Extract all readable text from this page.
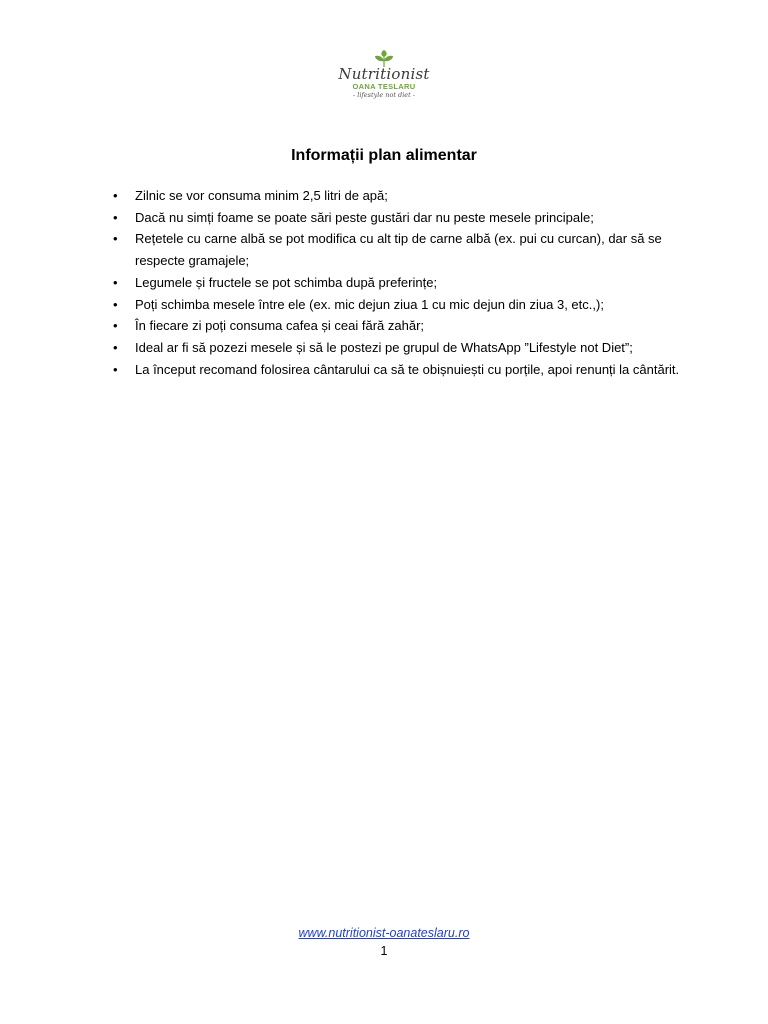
Nutritionist
OANA TESLARU
- lifestyle not diet -
Informații plan alimentar
• Zilnic se vor consuma minim 2,5 litri de apă;
• Dacă nu simți foame se poate sări peste gustări dar nu peste mesele principale;
• Rețetele cu carne albă se pot modifica cu alt tip de carne albă (ex. pui cu curcan), dar să se respecte gramajele;
• Legumele și fructele se pot schimba după preferințe;
• Poți schimba mesele între ele (ex. mic dejun ziua 1 cu mic dejun din ziua 3, etc.,);
• În fiecare zi poți consuma cafea și ceai fără zahăr;
• Ideal ar fi să pozezi mesele și să le postezi pe grupul de WhatsApp ”Lifestyle not Diet”;
• La început recomand folosirea cântarului ca să te obișnuiești cu porțile, apoi renunți la cântărit.
www.nutritionist-oanateslaru.ro
1
